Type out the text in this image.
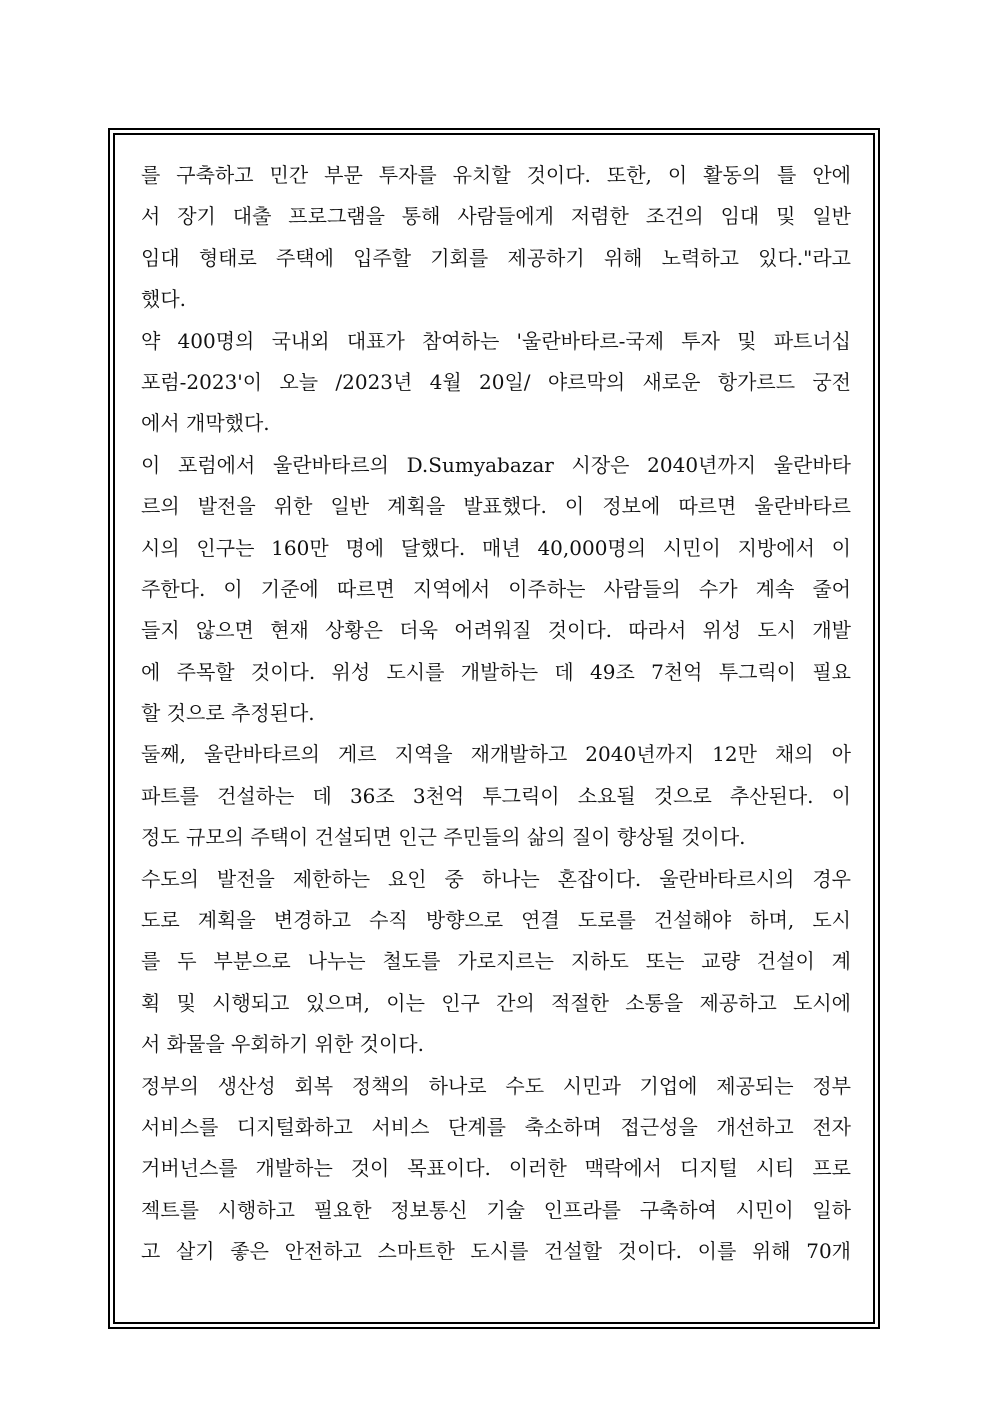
를 구축하고 민간 부문 투자를 유치할 것이다. 또한, 이 활동의 틀 안에
서 장기 대출 프로그램을 통해 사람들에게 저렴한 조건의 임대 및 일반
임대 형태로 주택에 입주할 기회를 제공하기 위해 노력하고 있다."라고
했다.
약 400명의 국내외 대표가 참여하는 '울란바타르-국제 투자 및 파트너십
포럼-2023'이 오늘 /2023년 4월 20일/ 야르막의 새로운 항가르드 궁전
에서 개막했다.
이 포럼에서 울란바타르의 D.Sumyabazar 시장은 2040년까지 울란바타
르의 발전을 위한 일반 계획을 발표했다. 이 정보에 따르면 울란바타르
시의 인구는 160만 명에 달했다. 매년 40,000명의 시민이 지방에서 이
주한다. 이 기준에 따르면 지역에서 이주하는 사람들의 수가 계속 줄어
들지 않으면 현재 상황은 더욱 어려워질 것이다. 따라서 위성 도시 개발
에 주목할 것이다. 위성 도시를 개발하는 데 49조 7천억 투그릭이 필요
할 것으로 추정된다.
둘째, 울란바타르의 게르 지역을 재개발하고 2040년까지 12만 채의 아
파트를 건설하는 데 36조 3천억 투그릭이 소요될 것으로 추산된다. 이
정도 규모의 주택이 건설되면 인근 주민들의 삶의 질이 향상될 것이다.
수도의 발전을 제한하는 요인 중 하나는 혼잡이다. 울란바타르시의 경우
도로 계획을 변경하고 수직 방향으로 연결 도로를 건설해야 하며, 도시
를 두 부분으로 나누는 철도를 가로지르는 지하도 또는 교량 건설이 계
획 및 시행되고 있으며, 이는 인구 간의 적절한 소통을 제공하고 도시에
서 화물을 우회하기 위한 것이다.
정부의 생산성 회복 정책의 하나로 수도 시민과 기업에 제공되는 정부
서비스를 디지털화하고 서비스 단계를 축소하며 접근성을 개선하고 전자
거버넌스를 개발하는 것이 목표이다. 이러한 맥락에서 디지털 시티 프로
젝트를 시행하고 필요한 정보통신 기술 인프라를 구축하여 시민이 일하
고 살기 좋은 안전하고 스마트한 도시를 건설할 것이다. 이를 위해 70개
